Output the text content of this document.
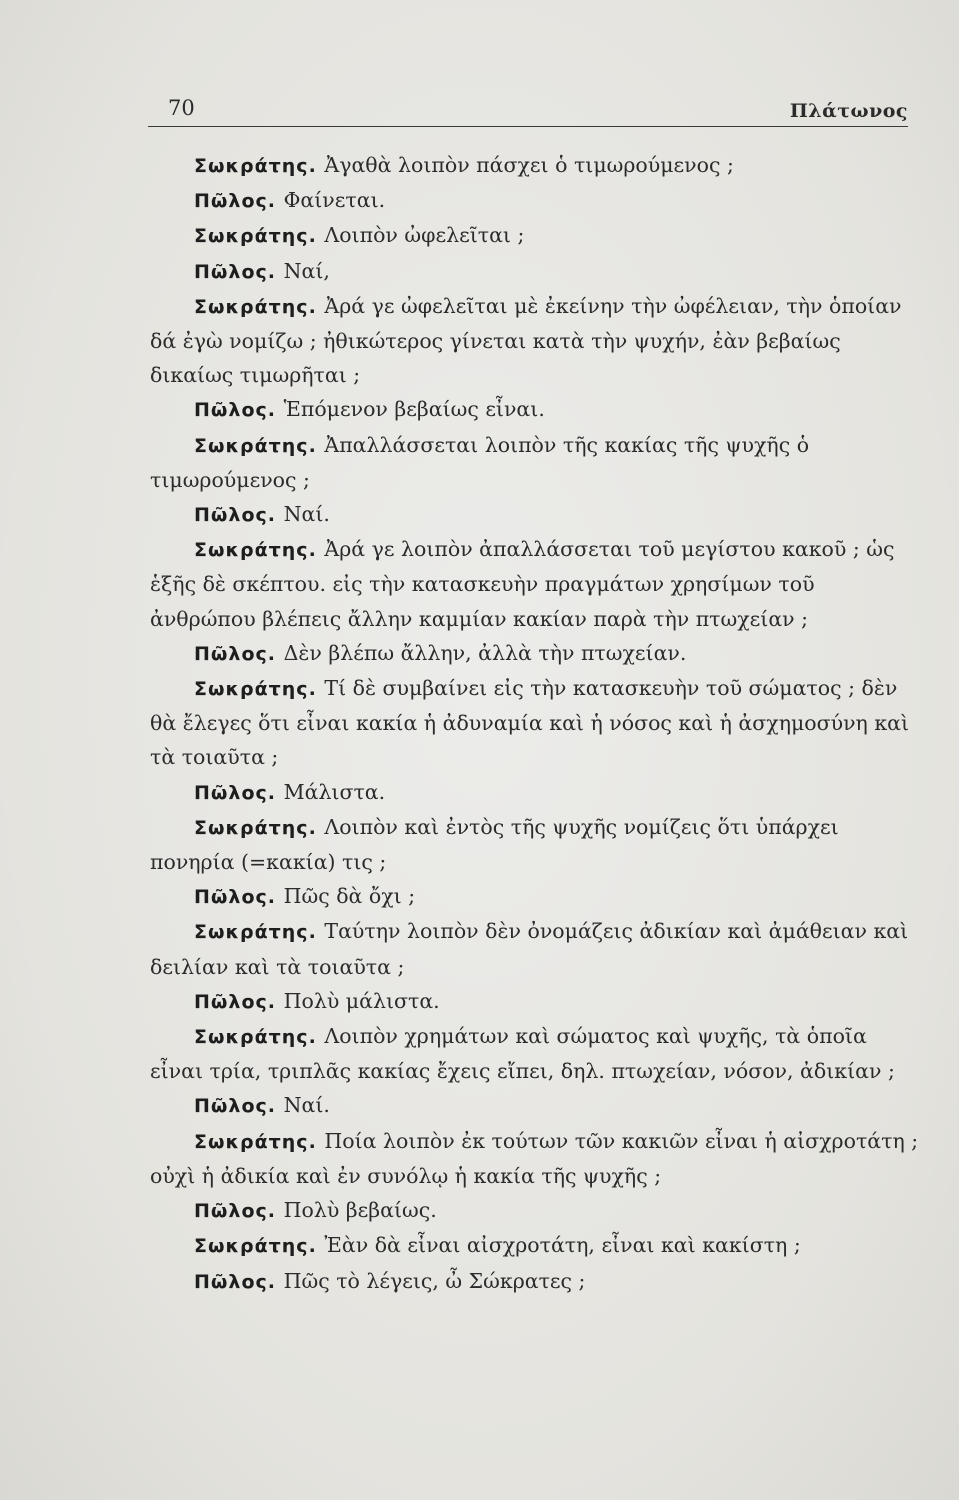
70	Πλάτωνος

Σωκράτης . Ἀγαθὰ λοιπὸν πάσχει ὁ τιμωρούμενος ;

Πῶλος . Φαίνεται.

Σωκράτης . Λοιπὸν ὠφελεῖται ;

Πῶλος . Ναί,

Σωκράτης . Ἀρά γε ὠφελεῖται μὲ ἐκείνην τὴν ὠφέλειαν, τὴν ὁποίαν δά ἐγὼ νομίζω ; ἠθικώτερος γίνεται κατὰ τὴν ψυχήν, ἐὰν βεβαίως δικαίως τιμωρῆται ;

Πῶλος . Ἑπόμενον βεβαίως εἶναι.

Σωκράτης . Ἀπαλλάσσεται λοιπὸν τῆς κακίας τῆς ψυχῆς ὁ τιμωρούμενος ;

Πῶλος . Ναί.

Σωκράτης . Ἀρά γε λοιπὸν ἀπαλλάσσεται τοῦ μεγίστου κακοῦ ; ὡς ἑξῆς δὲ σκέπτου. εἰς τὴν κατασκευὴν πραγμάτων χρησίμων τοῦ ἀνθρώπου βλέπεις ἄλλην καμμίαν κακίαν παρὰ τὴν πτωχείαν ;

Πῶλος . Δὲν βλέπω ἄλλην, ἀλλὰ τὴν πτωχείαν.

Σωκράτης . Τί δὲ συμβαίνει εἰς τὴν κατασκευὴν τοῦ σώματος ; δὲν θὰ ἔλεγες ὅτι εἶναι κακία ἡ ἀδυναμία καὶ ἡ νόσος καὶ ἡ ἀσχημοσύνη καὶ τὰ τοιαῦτα ;

Πῶλος . Μάλιστα.

Σωκράτης . Λοιπὸν καὶ ἐντὸς τῆς ψυχῆς νομίζεις ὅτι ὑπάρχει πονηρία (=κακία) τις ;

Πῶλος . Πῶς δὰ ὄχι ;

Σωκράτης . Ταύτην λοιπὸν δὲν ὀνομάζεις ἀδικίαν καὶ ἀμάθειαν καὶ δειλίαν καὶ τὰ τοιαῦτα ;

Πῶλος . Πολὺ μάλιστα.

Σωκράτης . Λοιπὸν χρημάτων καὶ σώματος καὶ ψυχῆς, τὰ ὁποῖα εἶναι τρία, τριπλᾶς κακίας ἔχεις εἴπει, δηλ. πτωχείαν, νόσον, ἀδικίαν ;

Πῶλος . Ναί.

Σωκράτης . Ποία λοιπὸν ἐκ τούτων τῶν κακιῶν εἶναι ἡ αἰσχροτάτη ; οὐχὶ ἡ ἀδικία καὶ ἐν συνόλῳ ἡ κακία τῆς ψυχῆς ;

Πῶλος . Πολὺ βεβαίως.

Σωκράτης . Ἐὰν δὰ εἶναι αἰσχροτάτη, εἶναι καὶ κακίστη ;

Πῶλος . Πῶς τὸ λέγεις, ὦ Σώκρατες ;
